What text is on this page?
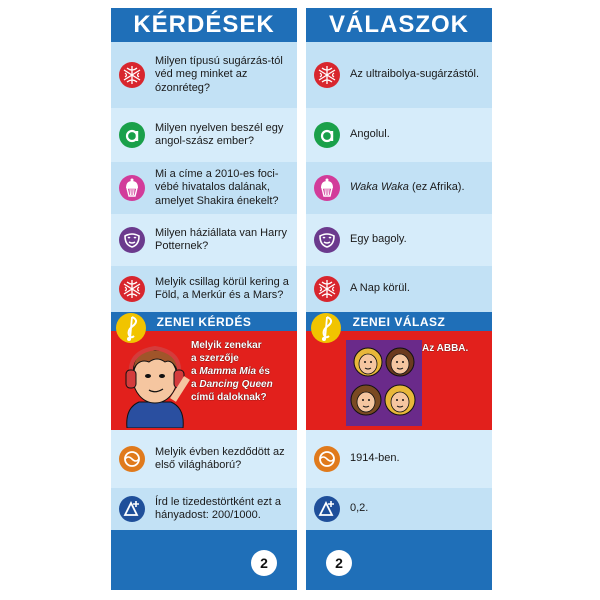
KÉRDÉSEK
Milyen típusú sugárzás-tól véd meg minket az ózonréteg?
Milyen nyelven beszél egy angol-szász ember?
Mi a címe a 2010-es foci-vébé hivatalos dalának, amelyet Shakira énekelt?
Milyen háziállata van Harry Potternek?
Melyik csillag körül kering a Föld, a Merkúr és a Mars?
ZENEI KÉRDÉS
Melyik zenekar
a szerzője
a Mamma Mia és
a Dancing Queen
című daloknak?
Melyik évben kezdődött az első világháború?
Írd le tizedestörtként ezt a hányadost: 200/1000.
2
VÁLASZOK
Az ultraibolya-sugárzástól.
Angolul.
Waka Waka (ez Afrika).
Egy bagoly.
A Nap körül.
ZENEI VÁLASZ
Az ABBA.
1914-ben.
0,2.
2
